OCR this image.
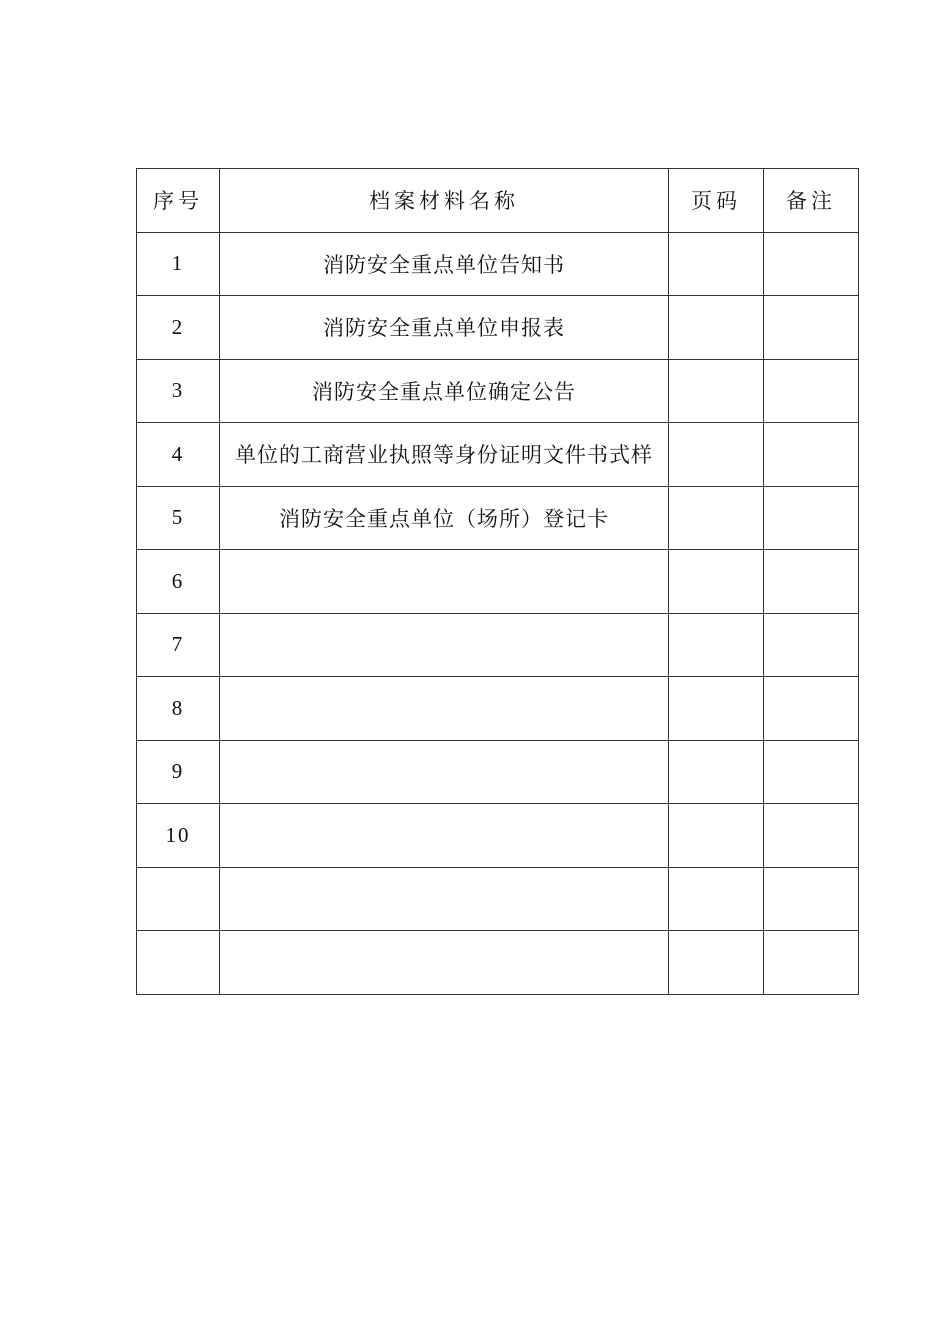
序号	档案材料名称	页码	备注
1	消防安全重点单位告知书		
2	消防安全重点单位申报表		
3	消防安全重点单位确定公告		
4	单位的工商营业执照等身份证明文件书式样		
5	消防安全重点单位（场所）登记卡		
6			
7			
8			
9			
10			
